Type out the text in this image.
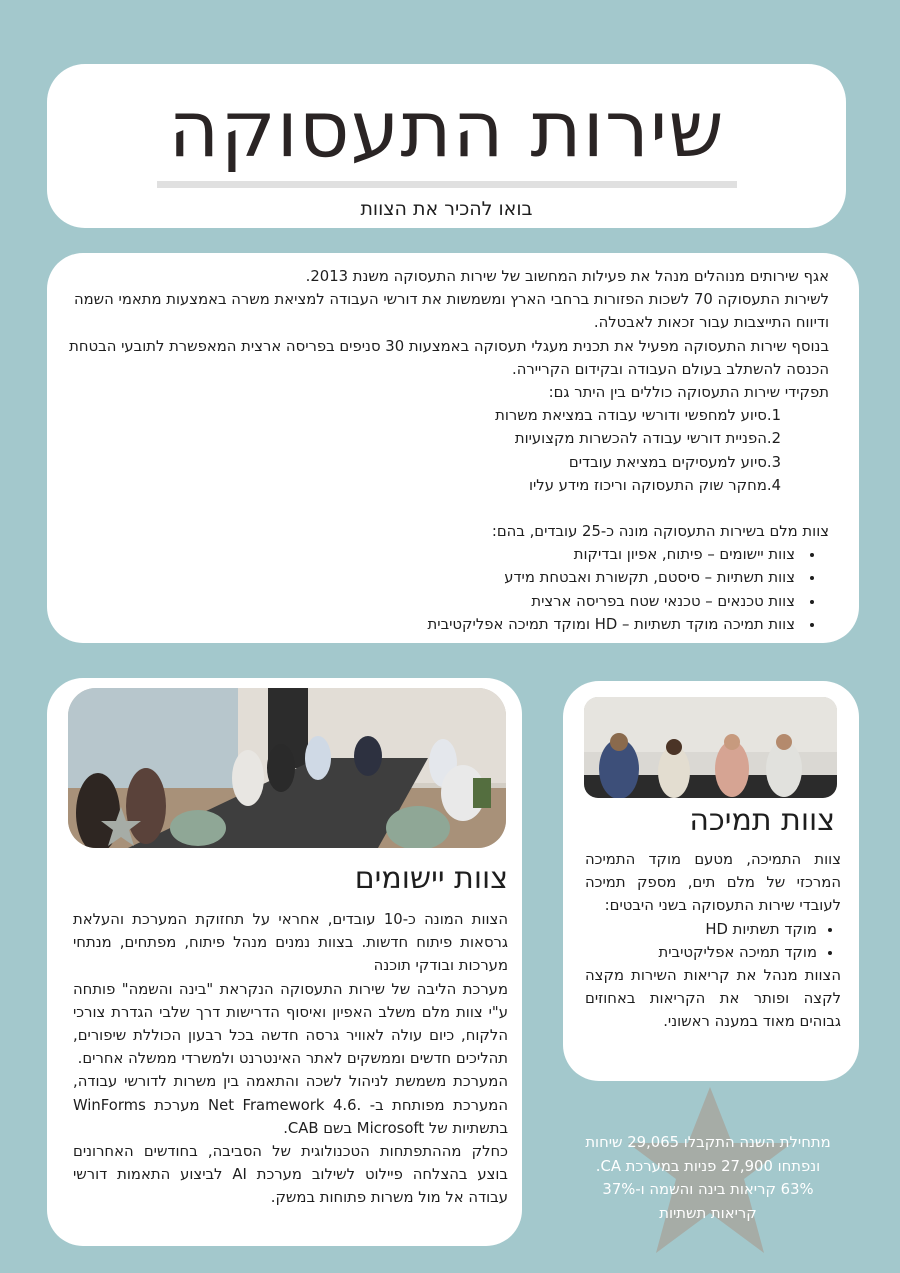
שירות התעסוקה
בואו להכיר את הצוות

אגף שירותים מנוהלים מנהל את פעילות המחשוב של שירות התעסוקה משנת 2013.

לשירות התעסוקה 70 לשכות הפזורות ברחבי הארץ ומשמשות את דורשי העבודה למציאת משרה באמצעות מתאמי השמה ודיווח התייצבות עבור זכאות לאבטלה.

בנוסף שירות התעסוקה מפעיל את תכנית מעגלי תעסוקה באמצעות 30 סניפים בפריסה ארצית המאפשרת לתובעי הבטחת הכנסה להשתלב בעולם העבודה ובקידום הקריירה.

תפקידי שירות התעסוקה כוללים בין היתר גם:

1.סיוע למחפשי ודורשי עבודה במציאת משרות
2.הפניית דורשי עבודה להכשרות מקצועיות
3.סיוע למעסיקים במציאת עובדים
4.מחקר שוק התעסוקה וריכוז מידע עליו

צוות מלם בשירות התעסוקה מונה כ-25 עובדים, בהם:

• צוות יישומים – פיתוח, אפיון ובדיקות
• צוות תשתיות – סיסטם, תקשורת ואבטחת מידע
• צוות טכנאים – טכנאי שטח בפריסה ארצית
• צוות תמיכה מוקד תשתיות – HD ומוקד תמיכה אפליקטיבית
צוות יישומים

הצוות המונה כ-10 עובדים, אחראי על תחזוקת המערכת והעלאת גרסאות פיתוח חדשות. בצוות נמנים מנהל פיתוח, מפתחים, מנתחי מערכות ובודקי תוכנה

מערכת הליבה של שירות התעסוקה הנקראת "בינה והשמה" פותחה ע"י צוות מלם משלב האפיון ואיסוף הדרישות דרך שלבי הגדרת צורכי הלקוח, כיום עולה לאוויר גרסה חדשה בכל רבעון הכוללת שיפורים, תהליכים חדשים וממשקים לאתר האינטרנט ולמשרדי ממשלה אחרים.

המערכת משמשת לניהול לשכה והתאמה בין משרות לדורשי עבודה, המערכת מפותחת ב- .Net Framework 4.6 מערכת WinForms בתשתיות של Microsoft בשם CAB.

כחלק מההתפתחות הטכנולוגית של הסביבה, בחודשים האחרונים בוצע בהצלחה פיילוט לשילוב מערכת AI לביצוע התאמות דורשי עבודה אל מול משרות פתוחות במשק.

צוות תמיכה

צוות התמיכה, מטעם מוקד התמיכה המרכזי של מלם תים, מספק תמיכה לעובדי שירות התעסוקה בשני היבטים:

• מוקד תשתיות HD
• מוקד תמיכה אפליקטיבית

הצוות מנהל את קריאות השירות מקצה לקצה ופותר את הקריאות באחוזים גבוהים מאוד במענה ראשוני.

מתחילת השנה התקבלו 29,065 שיחות
ונפתחו 27,900 פניות במערכת CA.
63% קריאות בינה והשמה ו-37%
קריאות תשתיות
